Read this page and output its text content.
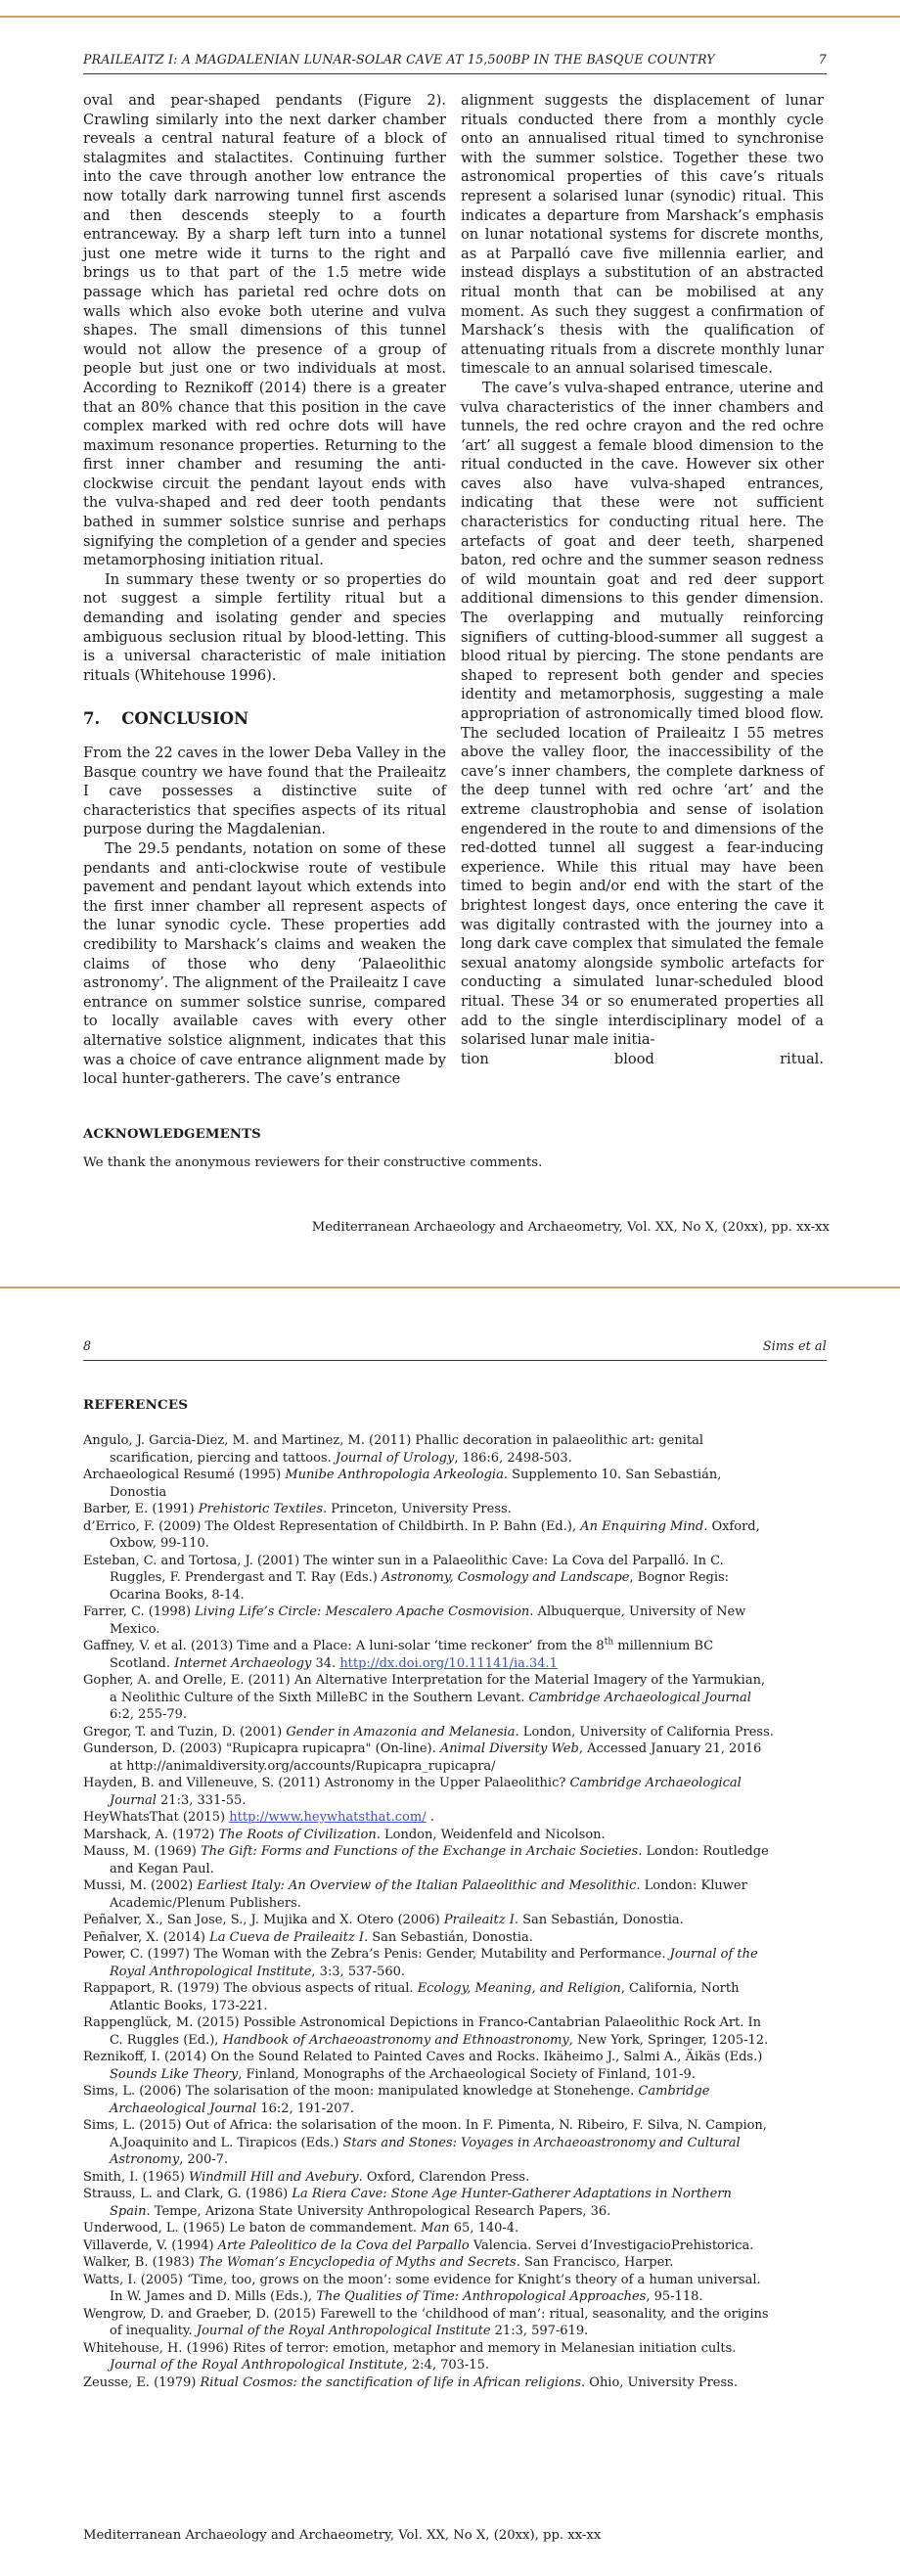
PRAILEAITZ I: A MAGDALENIAN LUNAR-SOLAR CAVE AT 15,500BP IN THE BASQUE COUNTRY	7

oval and pear-shaped pendants (Figure 2). Crawling similarly into the next darker chamber reveals a central natural feature of a block of stalagmites and stalactites. Continuing further into the cave through another low entrance the now totally dark narrowing tunnel first ascends and then descends steeply to a fourth entranceway. By a sharp left turn into a tunnel just one metre wide it turns to the right and brings us to that part of the 1.5 metre wide passage which has parietal red ochre dots on walls which also evoke both uterine and vulva shapes. The small dimensions of this tunnel would not allow the presence of a group of people but just one or two individuals at most. According to Reznikoff (2014) there is a greater that an 80% chance that this position in the cave complex marked with red ochre dots will have maximum resonance properties. Returning to the first inner chamber and resuming the anti-clockwise circuit the pendant layout ends with the vulva-shaped and red deer tooth pendants bathed in summer solstice sunrise and perhaps signifying the completion of a gender and species metamorphosing initiation ritual.

In summary these twenty or so properties do not suggest a simple fertility ritual but a demanding and isolating gender and species ambiguous seclusion ritual by blood-letting. This is a universal characteristic of male initiation rituals (Whitehouse 1996).

7. CONCLUSION

From the 22 caves in the lower Deba Valley in the Basque country we have found that the Praileaitz I cave possesses a distinctive suite of characteristics that specifies aspects of its ritual purpose during the Magdalenian.

The 29.5 pendants, notation on some of these pendants and anti-clockwise route of vestibule pavement and pendant layout which extends into the first inner chamber all represent aspects of the lunar synodic cycle. These properties add credibility to Marshack’s claims and weaken the claims of those who deny ‘Palaeolithic astronomy’. The alignment of the Praileaitz I cave entrance on summer solstice sunrise, compared to locally available caves with every other alternative solstice alignment, indicates that this was a choice of cave entrance alignment made by local hunter-gatherers. The cave’s entrance

alignment suggests the displacement of lunar rituals conducted there from a monthly cycle onto an annualised ritual timed to synchronise with the summer solstice. Together these two astronomical properties of this cave’s rituals represent a solarised lunar (synodic) ritual. This indicates a departure from Marshack’s emphasis on lunar notational systems for discrete months, as at Parpalló cave five millennia earlier, and instead displays a substitution of an abstracted ritual month that can be mobilised at any moment. As such they suggest a confirmation of Marshack’s thesis with the qualification of attenuating rituals from a discrete monthly lunar timescale to an annual solarised timescale.

The cave’s vulva-shaped entrance, uterine and vulva characteristics of the inner chambers and tunnels, the red ochre crayon and the red ochre ‘art’ all suggest a female blood dimension to the ritual conducted in the cave. However six other caves also have vulva-shaped entrances, indicating that these were not sufficient characteristics for conducting ritual here. The artefacts of goat and deer teeth, sharpened baton, red ochre and the summer season redness of wild mountain goat and red deer support additional dimensions to this gender dimension. The overlapping and mutually reinforcing signifiers of cutting-blood-summer all suggest a blood ritual by piercing. The stone pendants are shaped to represent both gender and species identity and metamorphosis, suggesting a male appropriation of astronomically timed blood flow. The secluded location of Praileaitz I 55 metres above the valley floor, the inaccessibility of the cave’s inner chambers, the complete darkness of the deep tunnel with red ochre ‘art’ and the extreme claustrophobia and sense of isolation engendered in the route to and dimensions of the red-dotted tunnel all suggest a fear-inducing experience. While this ritual may have been timed to begin and/or end with the start of the brightest longest days, once entering the cave it was digitally contrasted with the journey into a long dark cave complex that simulated the female sexual anatomy alongside symbolic artefacts for conducting a simulated lunar-scheduled blood ritual. These 34 or so enumerated properties all add to the single interdisciplinary model of a solarised lunar male initia-

tion	blood	ritual.
ACKNOWLEDGEMENTS
We thank the anonymous reviewers for their constructive comments.
Mediterranean Archaeology and Archaeometry, Vol. XX, No X, (20xx), pp. xx-xx
8	Sims et al
REFERENCES
Angulo, J. Garcia-Diez, M. and Martinez, M. (2011) Phallic decoration in palaeolithic art: genital scarification, piercing and tattoos. Journal of Urology, 186:6, 2498-503.
Archaeological Resumé (1995) Munibe Anthropologia Arkeologia. Supplemento 10. San Sebastián, Donostia
Barber, E. (1991) Prehistoric Textiles. Princeton, University Press.
d’Errico, F. (2009) The Oldest Representation of Childbirth. In P. Bahn (Ed.), An Enquiring Mind. Oxford, Oxbow, 99-110.
Esteban, C. and Tortosa, J. (2001) The winter sun in a Palaeolithic Cave: La Cova del Parpalló. In C. Ruggles, F. Prendergast and T. Ray (Eds.) Astronomy, Cosmology and Landscape, Bognor Regis: Ocarina Books, 8-14.
Farrer, C. (1998) Living Life’s Circle: Mescalero Apache Cosmovision. Albuquerque, University of New Mexico.
Gaffney, V. et al. (2013) Time and a Place: A luni-solar ‘time reckoner’ from the 8th millennium BC Scotland. Internet Archaeology 34. http://dx.doi.org/10.11141/ia.34.1
Gopher, A. and Orelle, E. (2011) An Alternative Interpretation for the Material Imagery of the Yarmukian, a Neolithic Culture of the Sixth MilleBC in the Southern Levant. Cambridge Archaeological Journal 6:2, 255-79.
Gregor, T. and Tuzin, D. (2001) Gender in Amazonia and Melanesia. London, University of California Press.
Gunderson, D. (2003) "Rupicapra rupicapra" (On-line). Animal Diversity Web, Accessed January 21, 2016 at http://animaldiversity.org/accounts/Rupicapra_rupicapra/
Hayden, B. and Villeneuve, S. (2011) Astronomy in the Upper Palaeolithic? Cambridge Archaeological Journal 21:3, 331-55.
HeyWhatsThat (2015) http://www.heywhatsthat.com/ .
Marshack, A. (1972) The Roots of Civilization. London, Weidenfeld and Nicolson.
Mauss, M. (1969) The Gift: Forms and Functions of the Exchange in Archaic Societies. London: Routledge and Kegan Paul.
Mussi, M. (2002) Earliest Italy: An Overview of the Italian Palaeolithic and Mesolithic. London: Kluwer Academic/Plenum Publishers.
Peñalver, X., San Jose, S., J. Mujika and X. Otero (2006) Praileaitz I. San Sebastián, Donostia.
Peñalver, X. (2014) La Cueva de Praileaitz I. San Sebastián, Donostia.
Power, C. (1997) The Woman with the Zebra’s Penis: Gender, Mutability and Performance. Journal of the Royal Anthropological Institute, 3:3, 537-560.
Rappaport, R. (1979) The obvious aspects of ritual. Ecology, Meaning, and Religion, California, North Atlantic Books, 173-221.
Rappenglück, M. (2015) Possible Astronomical Depictions in Franco-Cantabrian Palaeolithic Rock Art. In C. Ruggles (Ed.), Handbook of Archaeoastronomy and Ethnoastronomy, New York, Springer, 1205-12.
Reznikoff, I. (2014) On the Sound Related to Painted Caves and Rocks. Ikäheimo J., Salmi A., Äikäs (Eds.) Sounds Like Theory, Finland, Monographs of the Archaeological Society of Finland, 101-9.
Sims, L. (2006) The solarisation of the moon: manipulated knowledge at Stonehenge. Cambridge Archaeological Journal 16:2, 191-207.
Sims, L. (2015) Out of Africa: the solarisation of the moon. In F. Pimenta, N. Ribeiro, F. Silva, N. Campion, A.Joaquinito and L. Tirapicos (Eds.) Stars and Stones: Voyages in Archaeoastronomy and Cultural Astronomy, 200-7.
Smith, I. (1965) Windmill Hill and Avebury. Oxford, Clarendon Press.
Strauss, L. and Clark, G. (1986) La Riera Cave: Stone Age Hunter-Gatherer Adaptations in Northern Spain. Tempe, Arizona State University Anthropological Research Papers, 36.
Underwood, L. (1965) Le baton de commandement. Man 65, 140-4.
Villaverde, V. (1994) Arte Paleolitico de la Cova del Parpallo Valencia. Servei d’InvestigacioPrehistorica.
Walker, B. (1983) The Woman’s Encyclopedia of Myths and Secrets. San Francisco, Harper.
Watts, I. (2005) ‘Time, too, grows on the moon’: some evidence for Knight’s theory of a human universal. In W. James and D. Mills (Eds.), The Qualities of Time: Anthropological Approaches, 95-118.
Wengrow, D. and Graeber, D. (2015) Farewell to the ‘childhood of man’: ritual, seasonality, and the origins of inequality. Journal of the Royal Anthropological Institute 21:3, 597-619.
Whitehouse, H. (1996) Rites of terror: emotion, metaphor and memory in Melanesian initiation cults. Journal of the Royal Anthropological Institute, 2:4, 703-15.
Zeusse, E. (1979) Ritual Cosmos: the sanctification of life in African religions. Ohio, University Press.
Mediterranean Archaeology and Archaeometry, Vol. XX, No X, (20xx), pp. xx-xx
